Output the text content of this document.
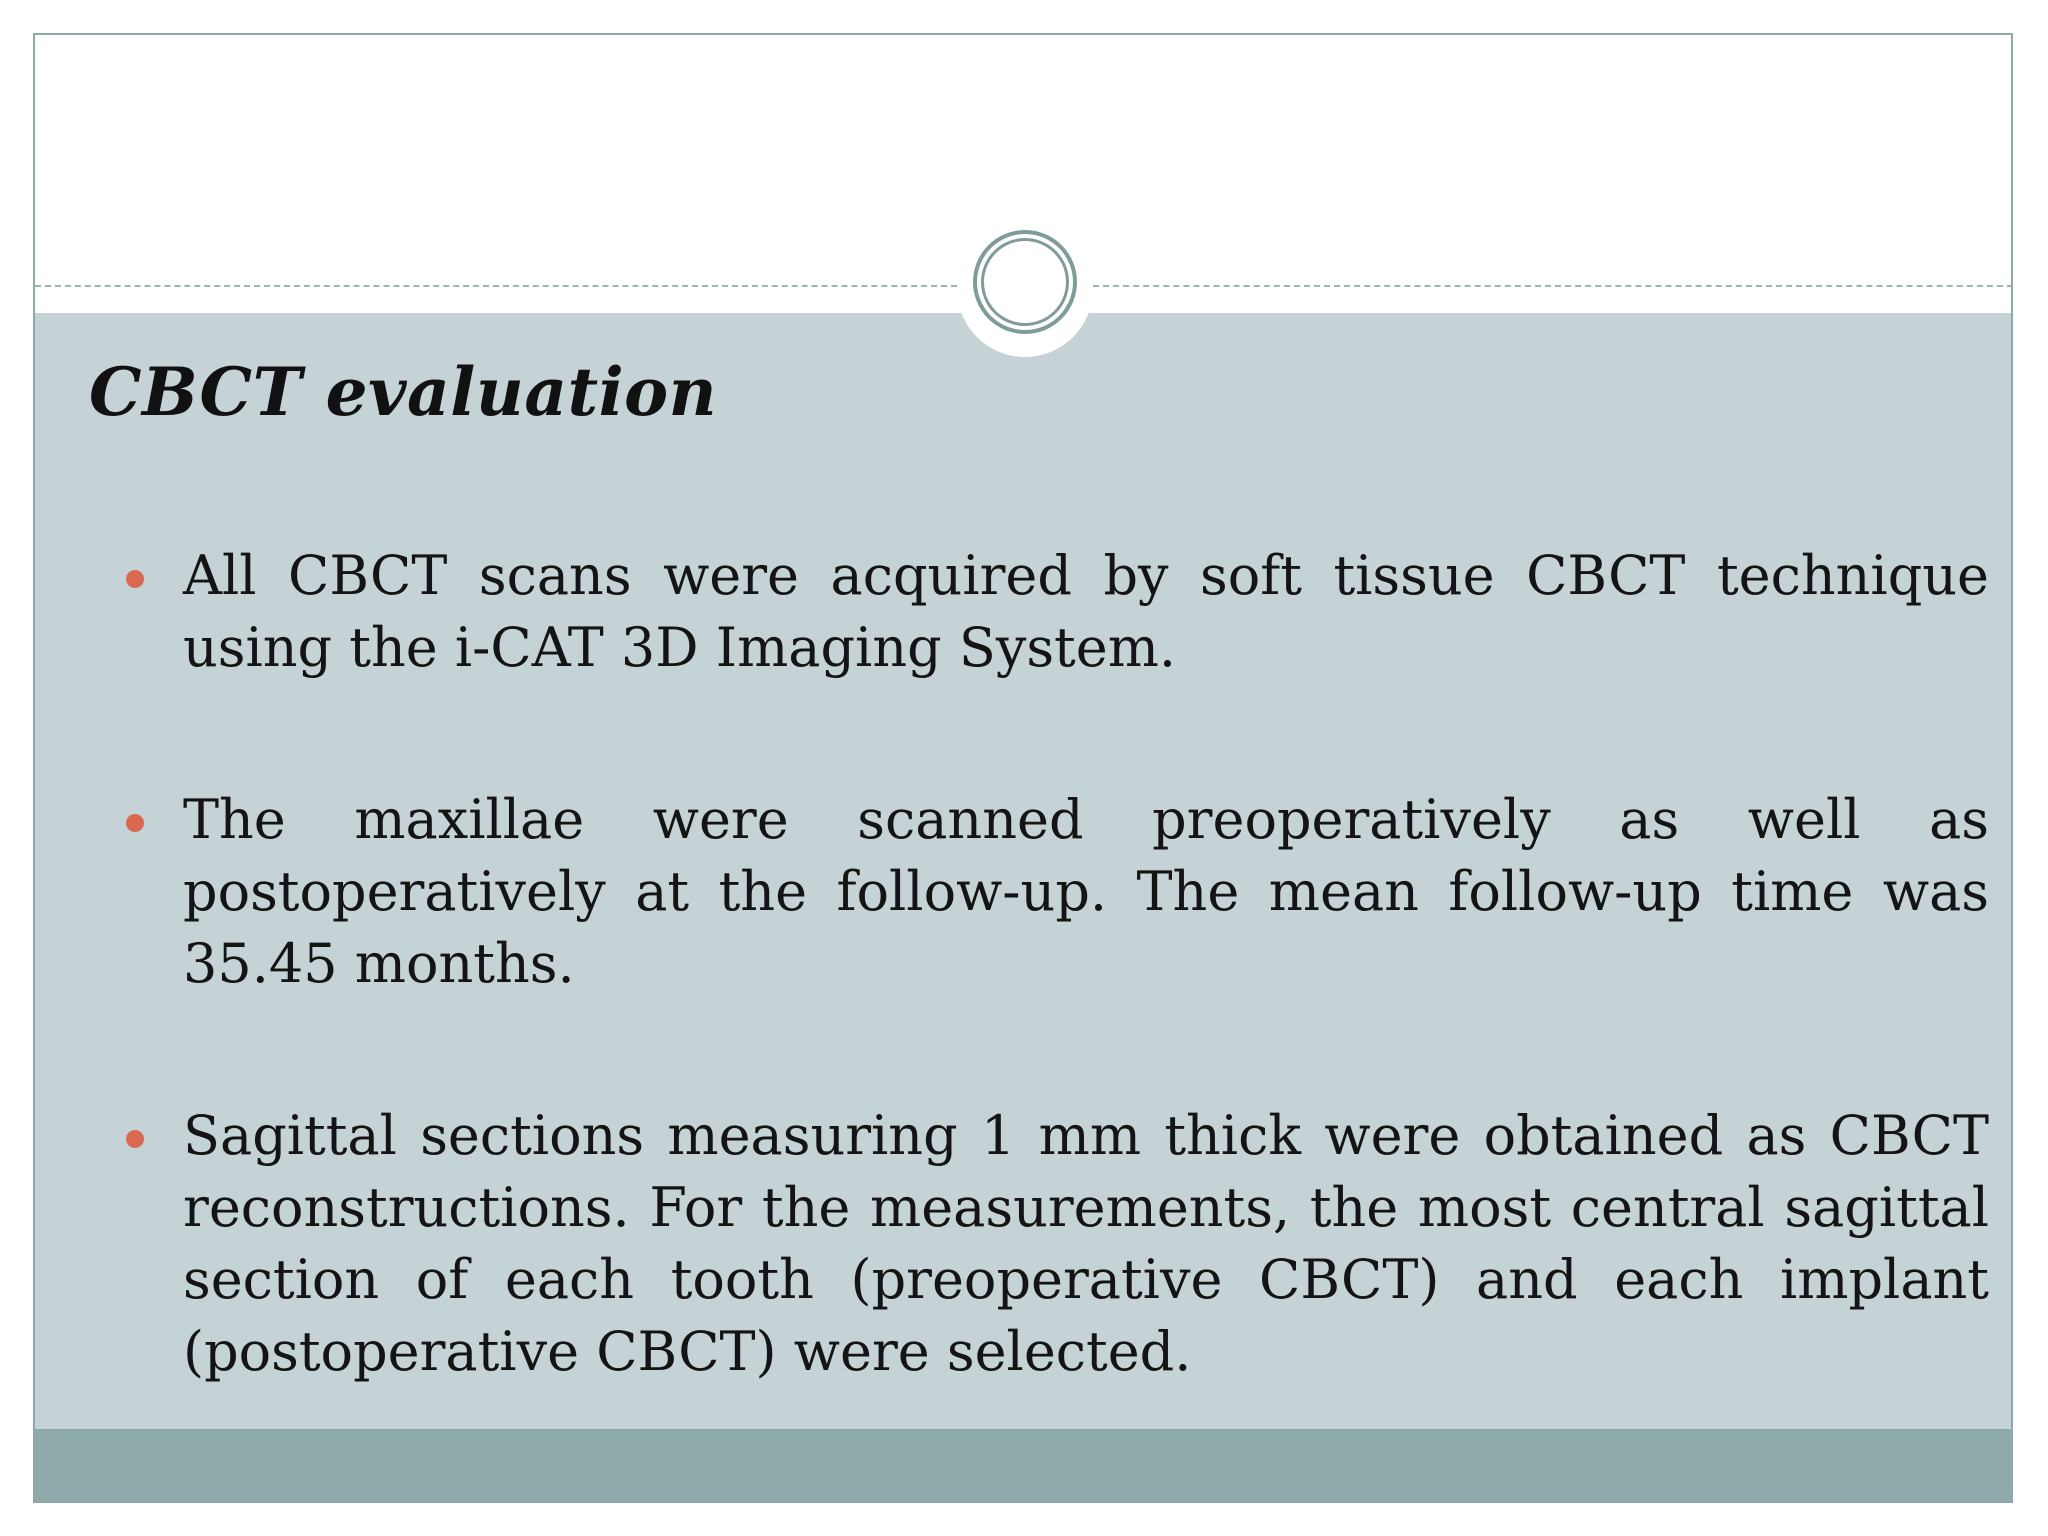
CBCT evaluation
All CBCT scans were acquired by soft tissue CBCT technique using the i-CAT 3D Imaging System.
The maxillae were scanned preoperatively as well as postoperatively at the follow-up. The mean follow-up time was 35.45 months.
Sagittal sections measuring 1 mm thick were obtained as CBCT reconstructions. For the measurements, the most central sagittal section of each tooth (preoperative CBCT) and each implant (postoperative CBCT) were selected.
